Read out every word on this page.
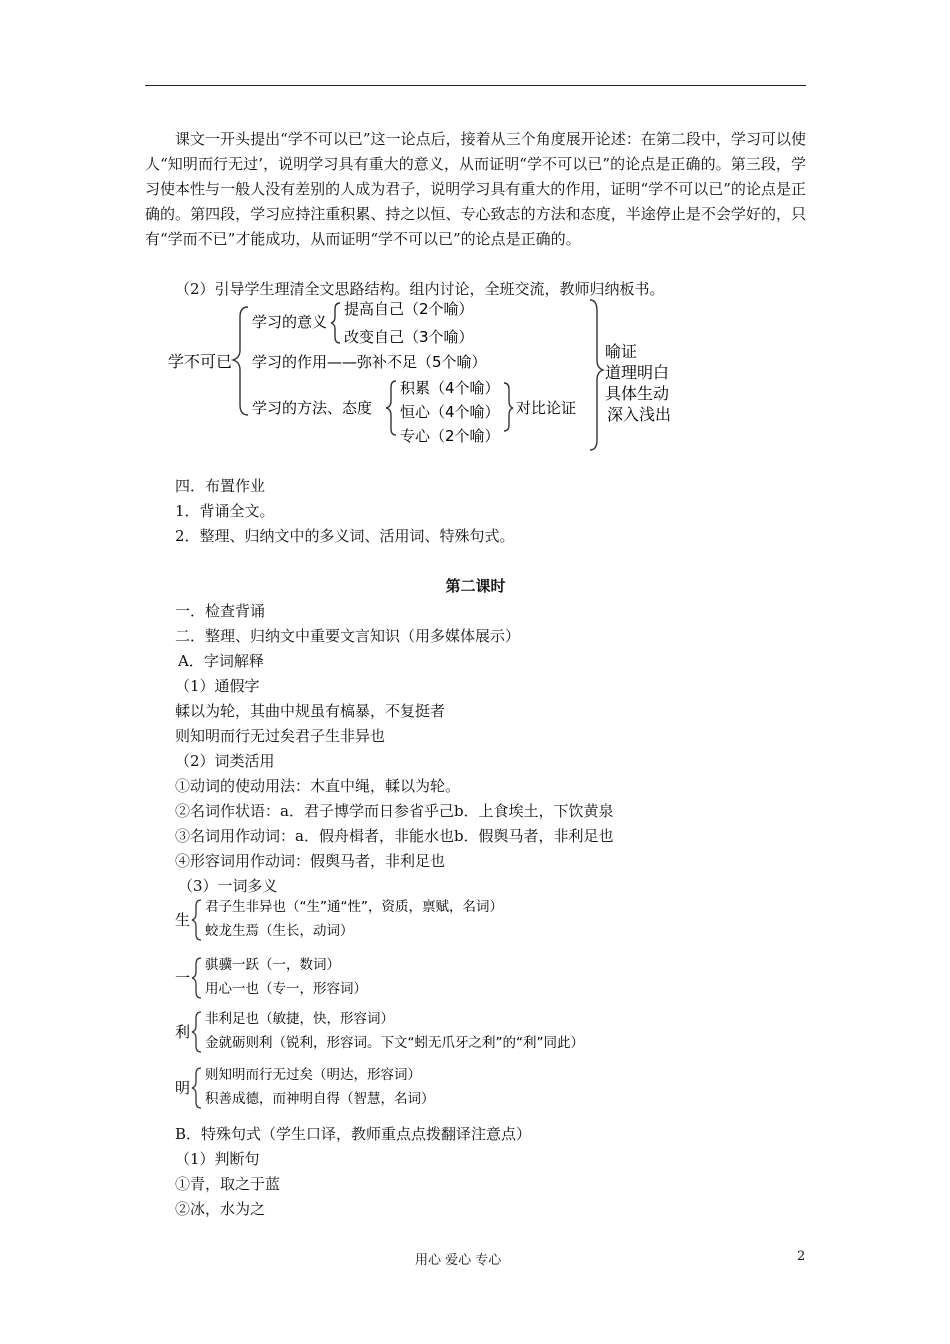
课文一开头提出“学不可以已”这一论点后，接着从三个角度展开论述：在第二段中，学习可以使人“知明而行无过’，说明学习具有重大的意义，从而证明“学不可以已”的论点是正确的。第三段，学习使本性与一般人没有差别的人成为君子，说明学习具有重大的作用，证明“学不可以已”的论点是正确的。第四段，学习应持注重积累、持之以恒、专心致志的方法和态度，半途停止是不会学好的，只有“学而不已”才能成功，从而证明“学不可以已”的论点是正确的。

（2）引导学生理清全文思路结构。组内讨论，全班交流，教师归纳板书。

学不可已
学习的意义
提高自己（2个喻）
改变自己（3个喻）
学习的作用——弥补不足（5个喻）
学习的方法、态度
积累（4个喻）
恒心（4个喻）
专心（2个喻）
对比论证
喻证
道理明白
具体生动
深入浅出

四．布置作业

1．背诵全文。

2．整理、归纳文中的多义词、活用词、特殊句式。

第二课时

一．检查背诵

二．整理、归纳文中重要文言知识（用多媒体展示）

A．字词解释

（1）通假字

輮以为轮，其曲中规虽有槁暴，不复挺者

则知明而行无过矣君子生非异也

（2）词类活用

①动词的使动用法：木直中绳，輮以为轮。

②名词作状语：a．君子博学而日参省乎己b．上食埃土，下饮黄泉

③名词用作动词：a．假舟楫者，非能水也b．假舆马者，非利足也

④形容词用作动词：假舆马者，非利足也

（3）一词多义

生
君子生非异也（“生”通“性”，资质，禀赋，名词）
蛟龙生焉（生长，动词）
一
骐骥一跃（一，数词）
用心一也（专一，形容词）
利
非利足也（敏捷，快，形容词）
金就砺则利（锐利，形容词。下文“蚓无爪牙之利”的“利”同此）
明
则知明而行无过矣（明达，形容词）
积善成德，而神明自得（智慧，名词）

B．特殊句式（学生口译，教师重点点拨翻译注意点）

（1）判断句

①青，取之于蓝

②冰，水为之

用心 爱心 专心	2
